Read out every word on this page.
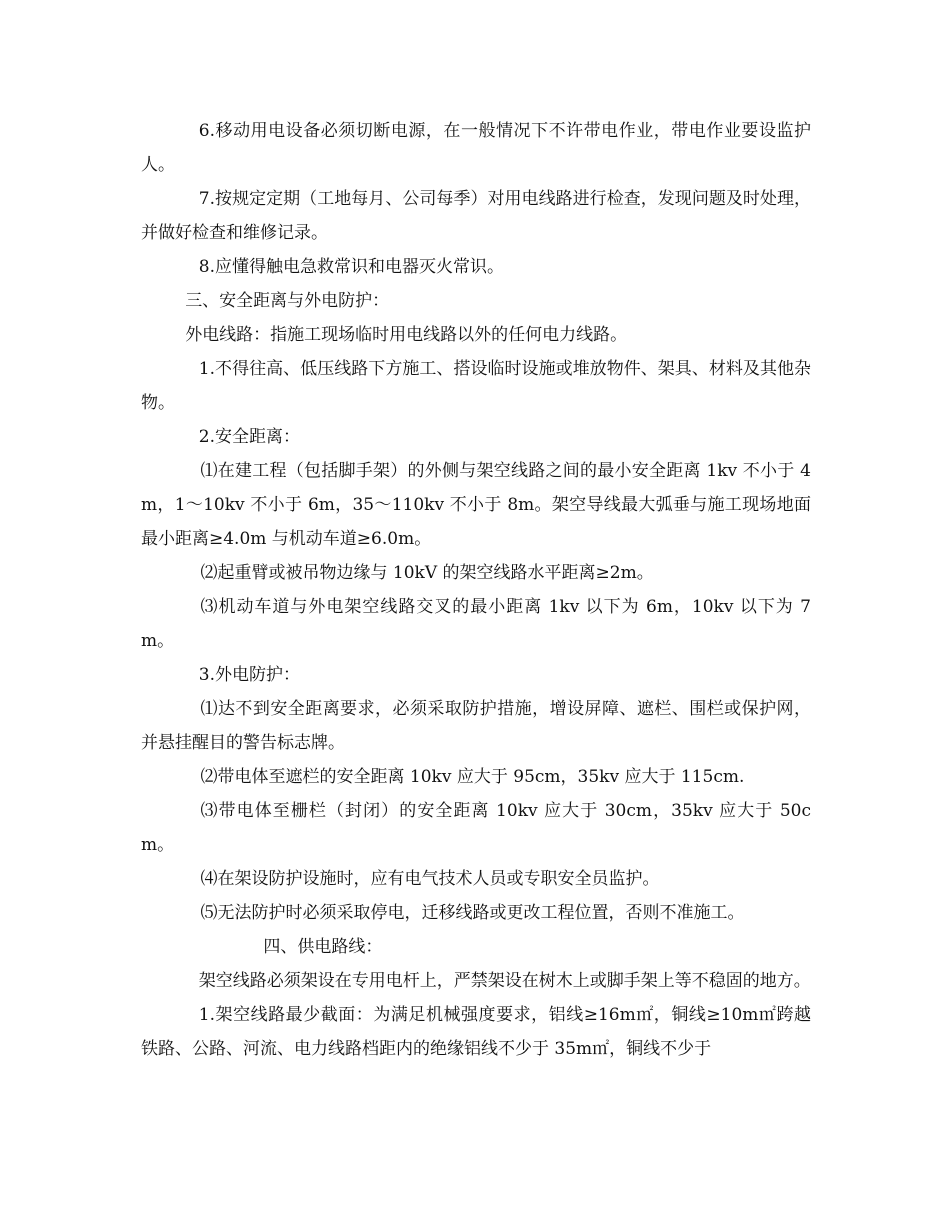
6.移动用电设备必须切断电源，在一般情况下不许带电作业，带电作业要设监护人。

7.按规定定期（工地每月、公司每季）对用电线路进行检查，发现问题及时处理，并做好检查和维修记录。

8.应懂得触电急救常识和电器灭火常识。

三、安全距离与外电防护：

外电线路：指施工现场临时用电线路以外的任何电力线路。

1.不得往高、低压线路下方施工、搭设临时设施或堆放物件、架具、材料及其他杂物。

2.安全距离：

⑴在建工程（包括脚手架）的外侧与架空线路之间的最小安全距离 1kv 不小于 4m，1～10kv 不小于 6m，35～110kv 不小于 8m。架空导线最大弧垂与施工现场地面最小距离≥4.0m 与机动车道≥6.0m。

⑵起重臂或被吊物边缘与 10kV 的架空线路水平距离≥2m。

⑶机动车道与外电架空线路交叉的最小距离 1kv 以下为 6m，10kv 以下为 7m。

3.外电防护：

⑴达不到安全距离要求，必须采取防护措施，增设屏障、遮栏、围栏或保护网，并悬挂醒目的警告标志牌。

⑵带电体至遮栏的安全距离 10kv 应大于 95cm，35kv 应大于 115cm.

⑶带电体至栅栏（封闭）的安全距离 10kv 应大于 30cm，35kv 应大于 50cm。

⑷在架设防护设施时，应有电气技术人员或专职安全员监护。

⑸无法防护时必须采取停电，迁移线路或更改工程位置，否则不准施工。

四、供电路线：

架空线路必须架设在专用电杆上，严禁架设在树木上或脚手架上等不稳固的地方。

1.架空线路最少截面：为满足机械强度要求，铝线≥16m㎡，铜线≥10m㎡跨越铁路、公路、河流、电力线路档距内的绝缘铝线不少于 35m㎡，铜线不少于
